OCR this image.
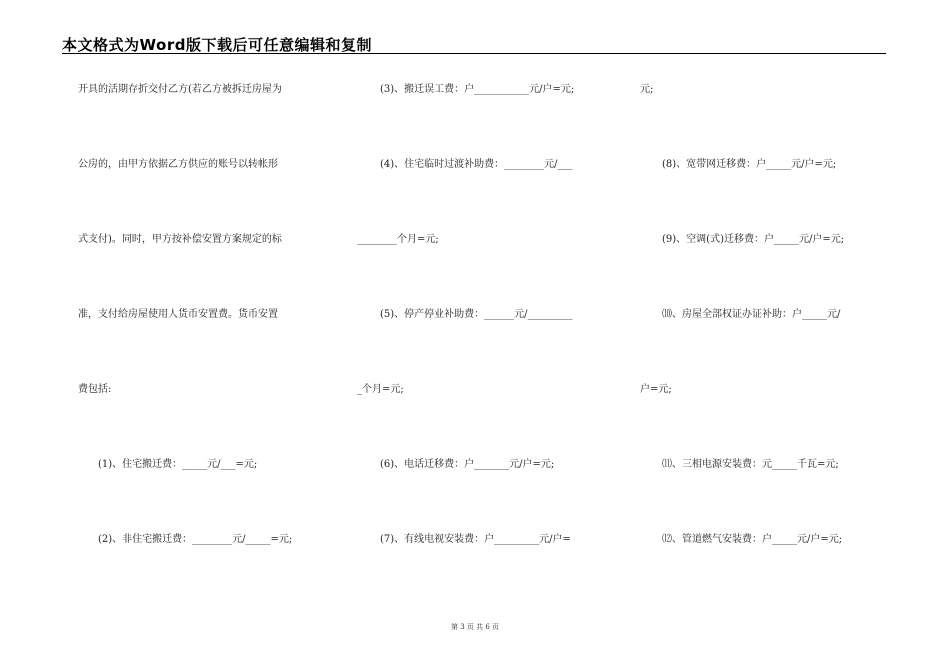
本文格式为Word版下载后可任意编辑和复制
开具的活期存折交付乙方(若乙方被拆迁房屋为
公房的，由甲方依据乙方供应的账号以转帐形
式支付)。同时，甲方按补偿安置方案规定的标
准，支付给房屋使用人货币安置费。货币安置
费包括:
(1)、住宅搬迁费：_____元/___=元;
(2)、非住宅搬迁费：________元/_____=元;
(3)、搬迁误工费：户___________元/户=元;
(4)、住宅临时过渡补助费：________元/___
________个月=元;
(5)、停产停业补助费：______元/_________
_个月=元;
(6)、电话迁移费：户_______元/户=元;
(7)、有线电视安装费：户_________元/户=
元;
(8)、宽带网迁移费：户_____元/户=元;
(9)、空调(式)迁移费：户_____元/户=元;
⑽、房屋全部权证办证补助：户_____元/
户=元;
⑾、三相电源安装费：元_____千瓦=元;
⑿、管道燃气安装费：户_____元/户=元;
第 3 页 共 6 页
